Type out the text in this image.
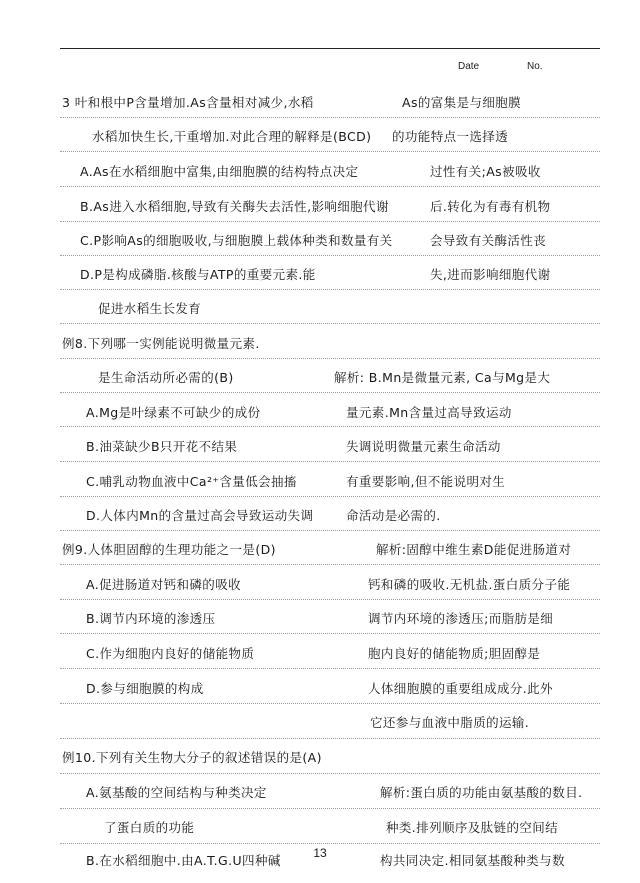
Date	No.
3 叶和根中P含量增加.As含量相对减少,水稻	As的富集是与细胞膜
水稻加快生长,干重增加.对此合理的解释是(BCD) 的功能特点一选择透
A.As在水稻细胞中富集,由细胞膜的结构特点决定	过性有关;As被吸收
B.As进入水稻细胞,导致有关酶失去活性,影响细胞代谢	后.转化为有毒有机物
C.P影响As的细胞吸收,与细胞膜上载体种类和数量有关	会导致有关酶活性丧
D.P是构成磷脂.核酸与ATP的重要元素.能	失,进而影响细胞代谢
促进水稻生长发育
例8.下列哪一实例能说明微量元素.
是生命活动所必需的(B)	解析: B.Mn是微量元素, Ca与Mg是大
A.Mg是叶绿素不可缺少的成份	量元素.Mn含量过高导致运动
B.油菜缺少B只开花不结果	失调说明微量元素生命活动
C.哺乳动物血液中Ca²⁺含量低会抽搐	有重要影响,但不能说明对生
D.人体内Mn的含量过高会导致运动失调	命活动是必需的.
例9.人体胆固醇的生理功能之一是(D)	解析:固醇中维生素D能促进肠道对
A.促进肠道对钙和磷的吸收	钙和磷的吸收.无机盐.蛋白质分子能
B.调节内环境的渗透压	调节内环境的渗透压;而脂肪是细
C.作为细胞内良好的储能物质	胞内良好的储能物质;胆固醇是
D.参与细胞膜的构成	人体细胞膜的重要组成成分.此外
它还参与血液中脂质的运输.
例10.下列有关生物大分子的叙述错误的是(A)
A.氨基酸的空间结构与种类决定	解析:蛋白质的功能由氨基酸的数目.
了蛋白质的功能	种类.排列顺序及肽链的空间结
B.在水稻细胞中.由A.T.G.U四种碱	构共同决定.相同氨基酸种类与数
13
